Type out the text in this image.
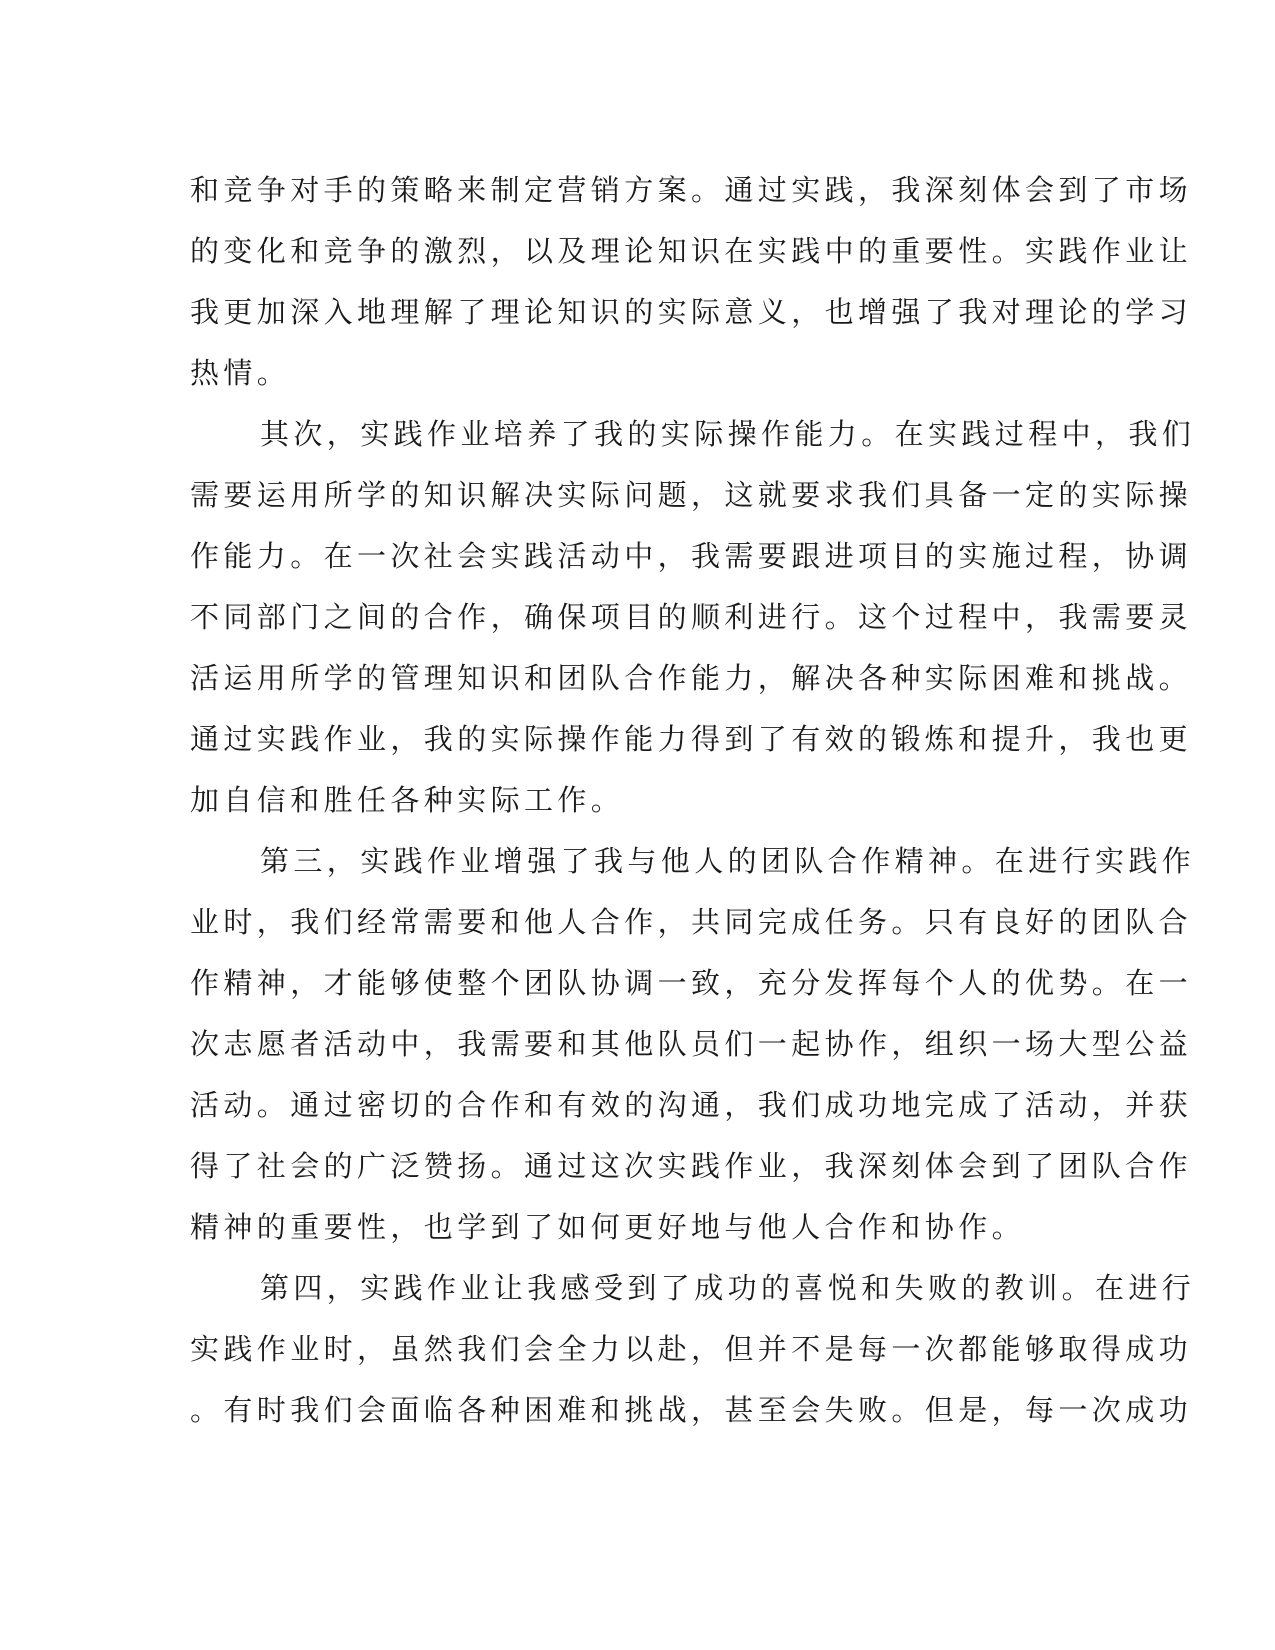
和竞争对手的策略来制定营销方案。通过实践，我深刻体会到了市场
的变化和竞争的激烈，以及理论知识在实践中的重要性。实践作业让
我更加深入地理解了理论知识的实际意义，也增强了我对理论的学习
热情。
其次，实践作业培养了我的实际操作能力。在实践过程中，我们
需要运用所学的知识解决实际问题，这就要求我们具备一定的实际操
作能力。在一次社会实践活动中，我需要跟进项目的实施过程，协调
不同部门之间的合作，确保项目的顺利进行。这个过程中，我需要灵
活运用所学的管理知识和团队合作能力，解决各种实际困难和挑战。
通过实践作业，我的实际操作能力得到了有效的锻炼和提升，我也更
加自信和胜任各种实际工作。
第三，实践作业增强了我与他人的团队合作精神。在进行实践作
业时，我们经常需要和他人合作，共同完成任务。只有良好的团队合
作精神，才能够使整个团队协调一致，充分发挥每个人的优势。在一
次志愿者活动中，我需要和其他队员们一起协作，组织一场大型公益
活动。通过密切的合作和有效的沟通，我们成功地完成了活动，并获
得了社会的广泛赞扬。通过这次实践作业，我深刻体会到了团队合作
精神的重要性，也学到了如何更好地与他人合作和协作。
第四，实践作业让我感受到了成功的喜悦和失败的教训。在进行
实践作业时，虽然我们会全力以赴，但并不是每一次都能够取得成功
。有时我们会面临各种困难和挑战，甚至会失败。但是，每一次成功
